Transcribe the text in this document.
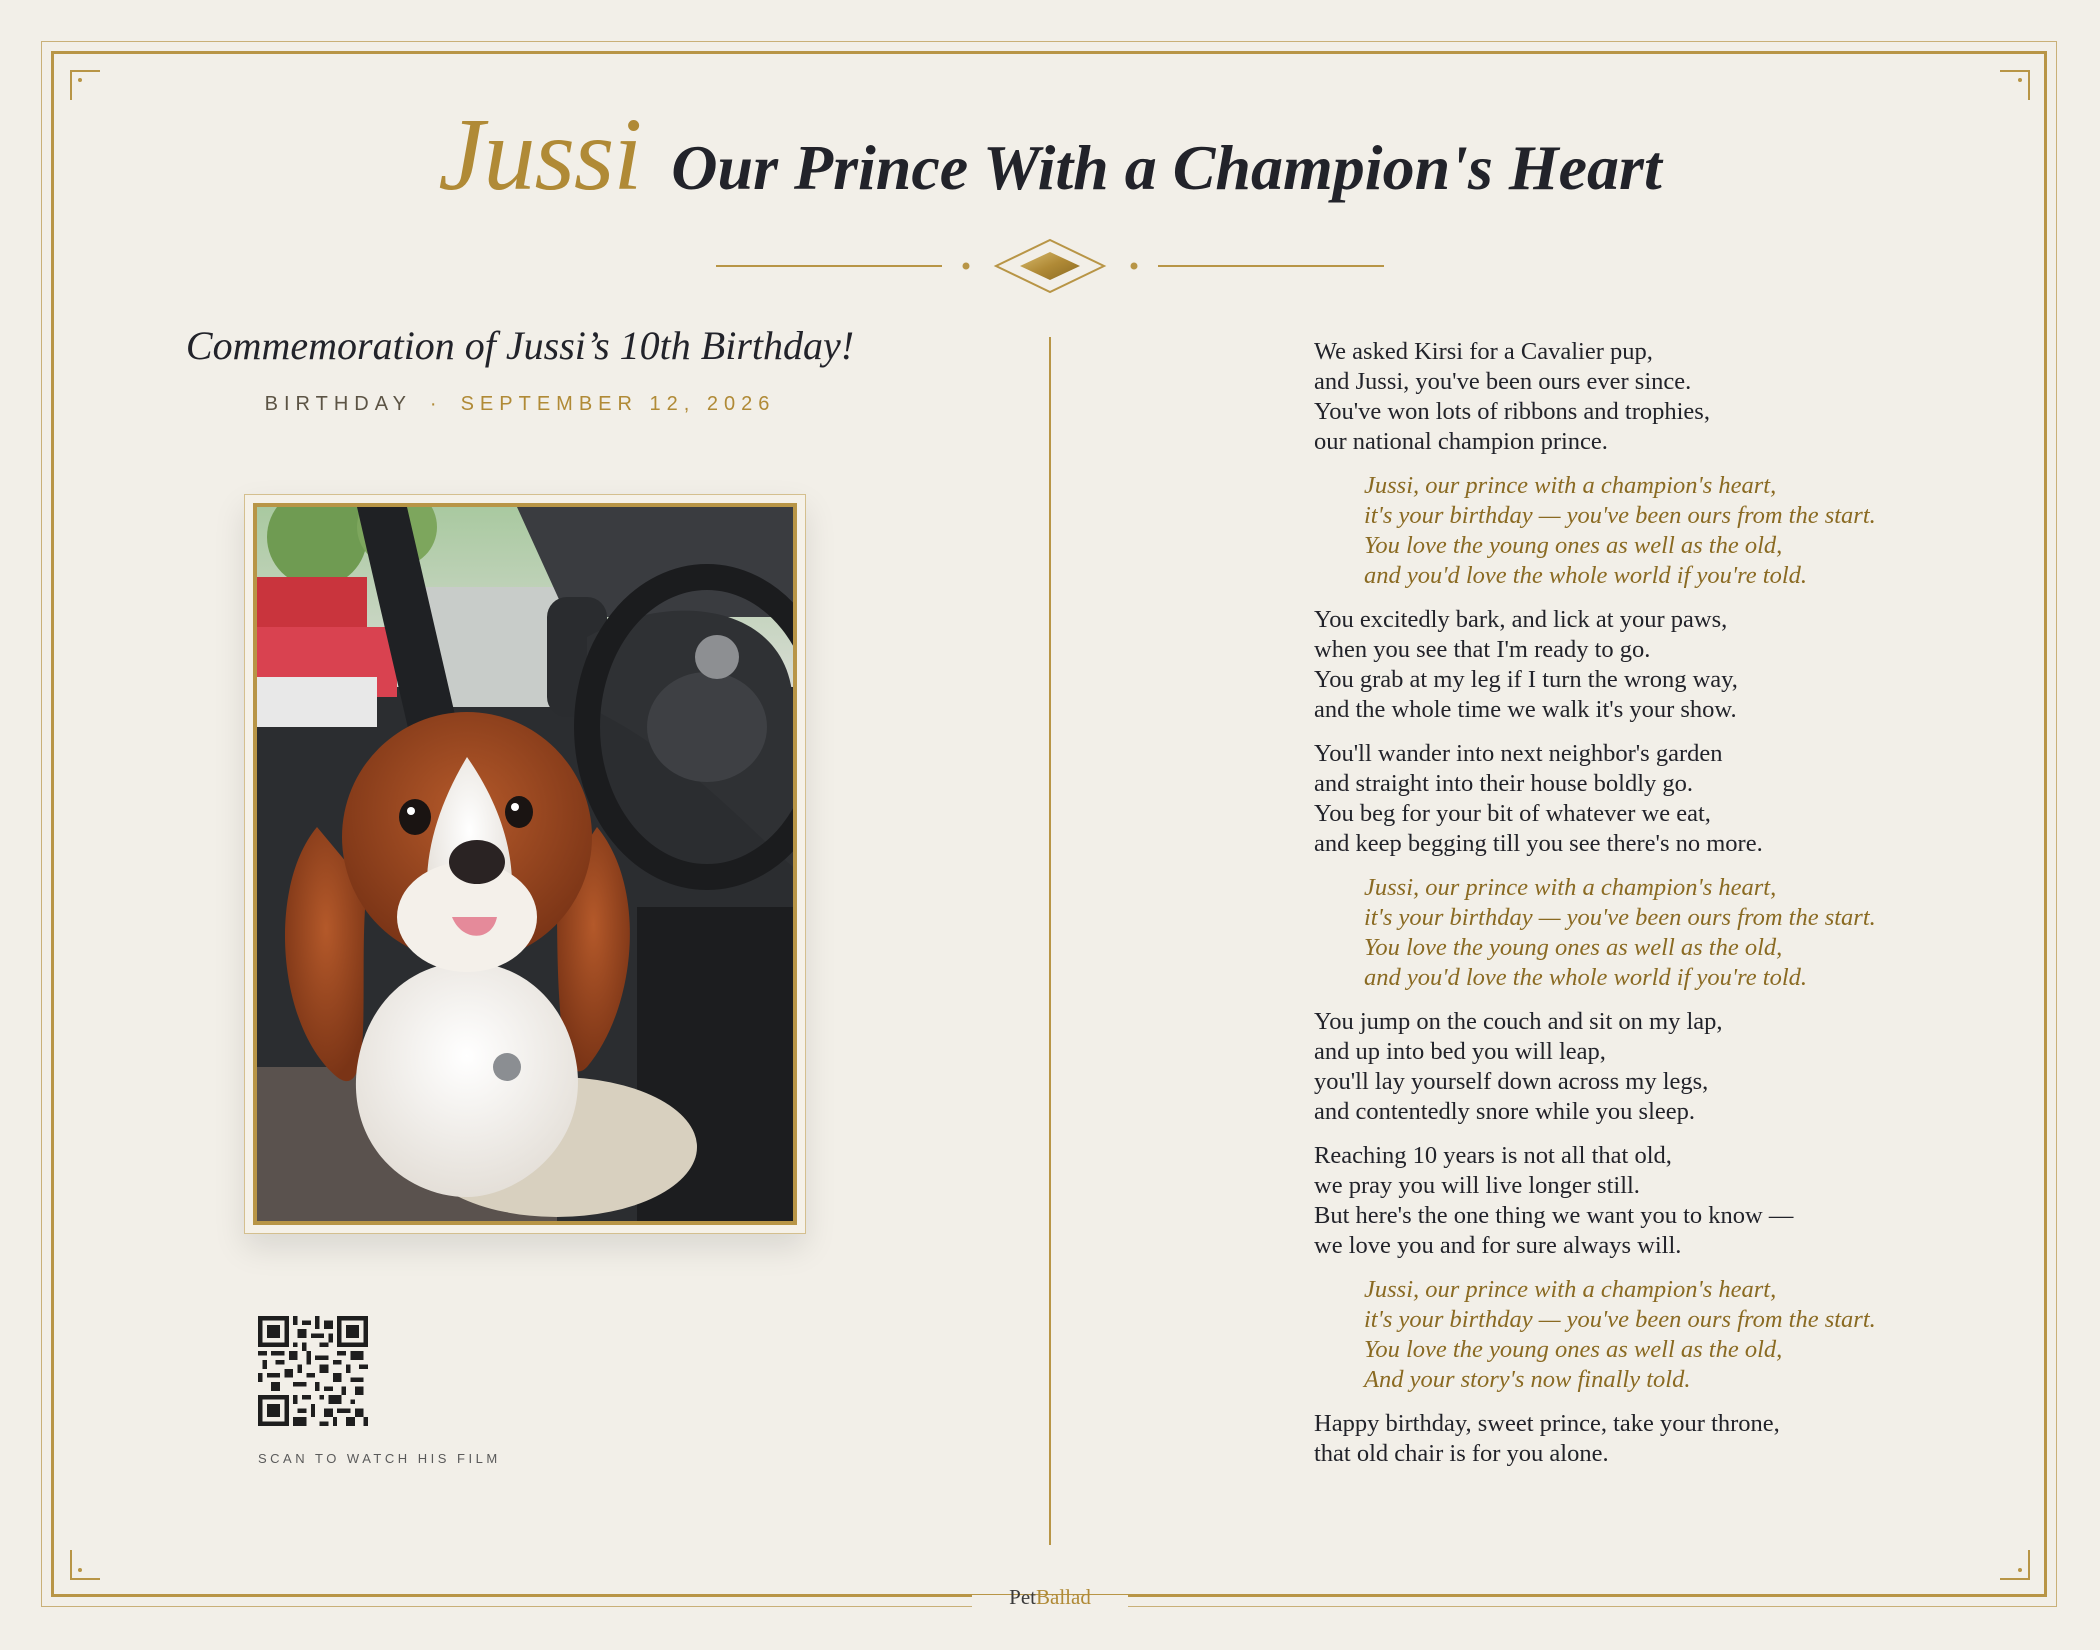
Jussi Our Prince With a Champion's Heart
Commemoration of Jussi’s 10th Birthday!
BIRTHDAY · SEPTEMBER 12, 2026
SCAN TO WATCH HIS FILM
We asked Kirsi for a Cavalier pup,
and Jussi, you've been ours ever since.
You've won lots of ribbons and trophies,
our national champion prince.
Jussi, our prince with a champion's heart,
it's your birthday — you've been ours from the start.
You love the young ones as well as the old,
and you'd love the whole world if you're told.
You excitedly bark, and lick at your paws,
when you see that I'm ready to go.
You grab at my leg if I turn the wrong way,
and the whole time we walk it's your show.
You'll wander into next neighbor's garden
and straight into their house boldly go.
You beg for your bit of whatever we eat,
and keep begging till you see there's no more.
Jussi, our prince with a champion's heart,
it's your birthday — you've been ours from the start.
You love the young ones as well as the old,
and you'd love the whole world if you're told.
You jump on the couch and sit on my lap,
and up into bed you will leap,
you'll lay yourself down across my legs,
and contentedly snore while you sleep.
Reaching 10 years is not all that old,
we pray you will live longer still.
But here's the one thing we want you to know —
we love you and for sure always will.
Jussi, our prince with a champion's heart,
it's your birthday — you've been ours from the start.
You love the young ones as well as the old,
And your story's now finally told.
Happy birthday, sweet prince, take your throne,
that old chair is for you alone.
PetBallad
